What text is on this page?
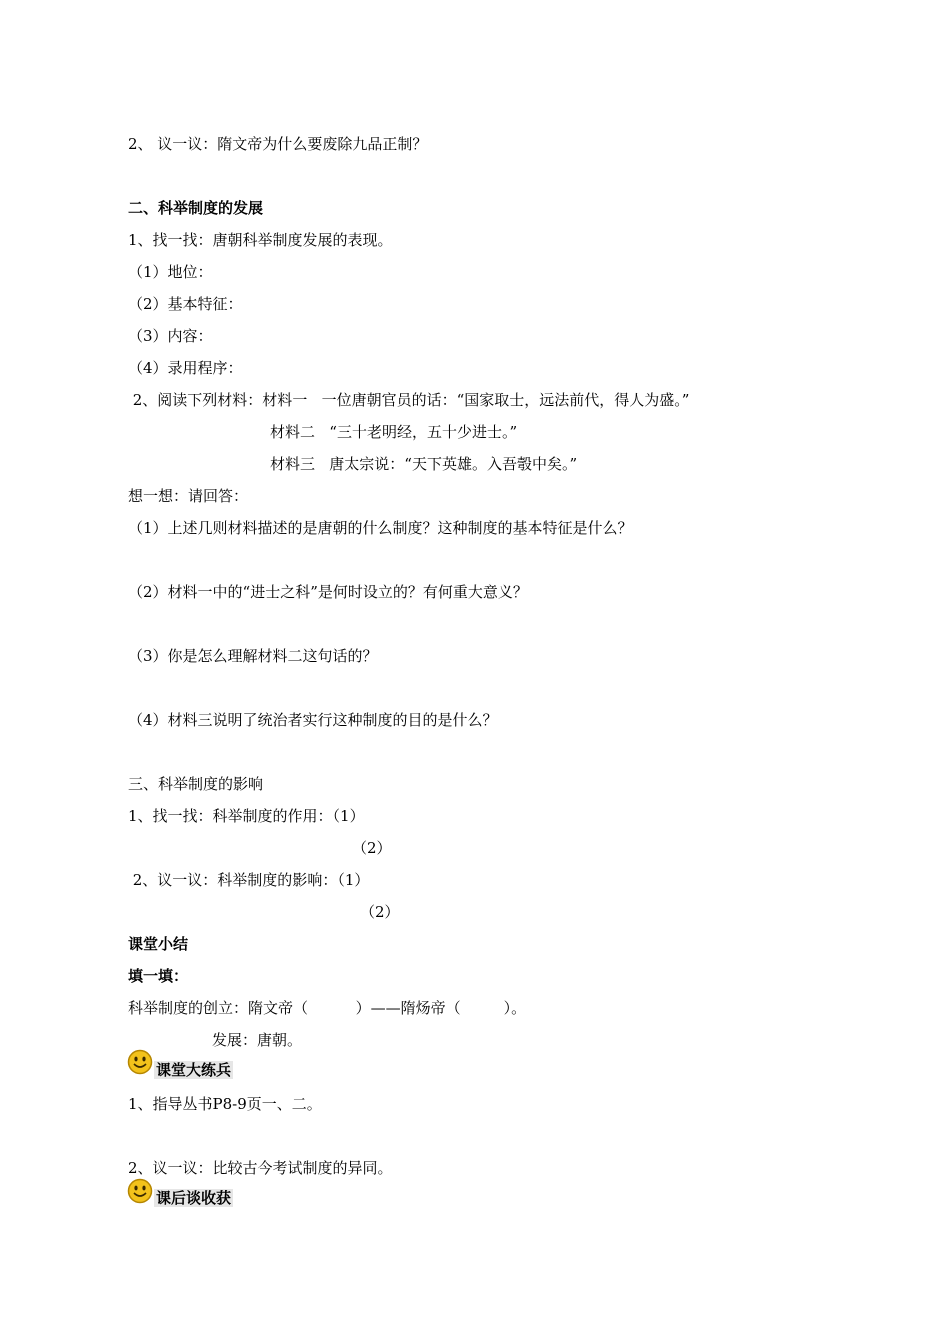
2、 议一议：隋文帝为什么要废除九品正制？
二、科举制度的发展
1、找一找：唐朝科举制度发展的表现。
（1）地位：
（2）基本特征：
（3）内容：
（4）录用程序：
2、阅读下列材料：材料一   一位唐朝官员的话：“国家取士，远法前代，得人为盛。”
材料二   “三十老明经，五十少进士。”
材料三   唐太宗说：“天下英雄。入吾彀中矣。”
想一想：请回答：
（1）上述几则材料描述的是唐朝的什么制度？这种制度的基本特征是什么？
（2）材料一中的“进士之科”是何时设立的？有何重大意义？
（3）你是怎么理解材料二这句话的？
（4）材料三说明了统治者实行这种制度的目的是什么？
三、科举制度的影响
1、找一找：科举制度的作用：（1）
（2）
2、议一议：科举制度的影响：（1）
（2）
课堂小结
填一填：
科举制度的创立：隋文帝（          ）——隋炀帝（         ）。
发展：唐朝。
课堂大练兵
1、指导丛书P8-9页一、二。
2、议一议：比较古今考试制度的异同。
课后谈收获
